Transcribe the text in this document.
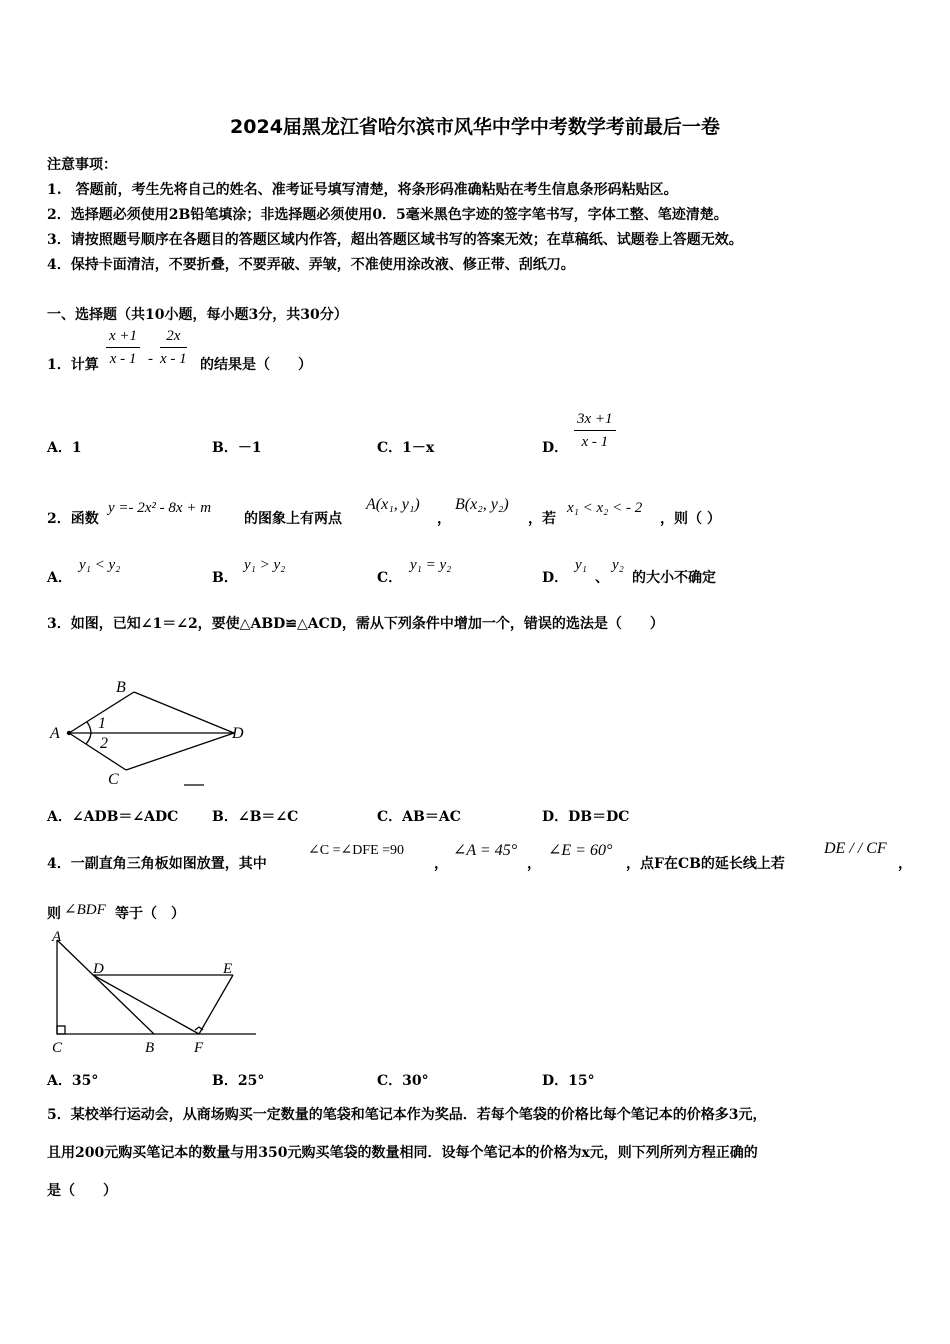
2024届黑龙江省哈尔滨市风华中学中考数学考前最后一卷
注意事项：
1.　答题前，考生先将自己的姓名、准考证号填写清楚，将条形码准确粘贴在考生信息条形码粘贴区。
2．选择题必须使用2B铅笔填涂；非选择题必须使用0．5毫米黑色字迹的签字笔书写，字体工整、笔迹清楚。
3．请按照题号顺序在各题目的答题区域内作答，超出答题区域书写的答案无效；在草稿纸、试题卷上答题无效。
4．保持卡面清洁，不要折叠，不要弄破、弄皱，不准使用涂改液、修正带、刮纸刀。
一、选择题（共10小题，每小题3分，共30分）
1．计算 $\frac{x +1}{x - 1} - \frac{2x}{x - 1}$ 的结果是（　　）
A．1	B．－1	C．1－x	D． $\frac{3x +1}{x - 1}$
2．函数
y =- 2x² - 8x + m
的图象上有两点
A(x₁, y₁)
，
B(x₂, y₂)
，若
x₁ < x₂ < - 2
，则（ ）
A．
y₁ < y₂
B．
y₁ > y₂
C．
y₁ = y₂
D．
y₁
、
y₂
的大小不确定
3．如图，已知∠1＝∠2，要使△ABD≌△ACD，需从下列条件中增加一个，错误的选法是（　　）
A
B
C
D
1
2
A．∠ADB＝∠ADC B．∠B＝∠C	C．AB＝AC	D．DB＝DC
4．一副直角三角板如图放置，其中
∠C =∠DFE =90
，
∠A = 45°
，
∠E = 60°
，点F在CB的延长线上若
DE / / CF
，
则 ∠BDF 等于（　）
A
D	E
C	B	F
A．35°	B．25°	C．30°	D．15°
5．某校举行运动会，从商场购买一定数量的笔袋和笔记本作为奖品．若每个笔袋的价格比每个笔记本的价格多3元，
且用200元购买笔记本的数量与用350元购买笔袋的数量相同．设每个笔记本的价格为x元，则下列所列方程正确的
是（　　）
